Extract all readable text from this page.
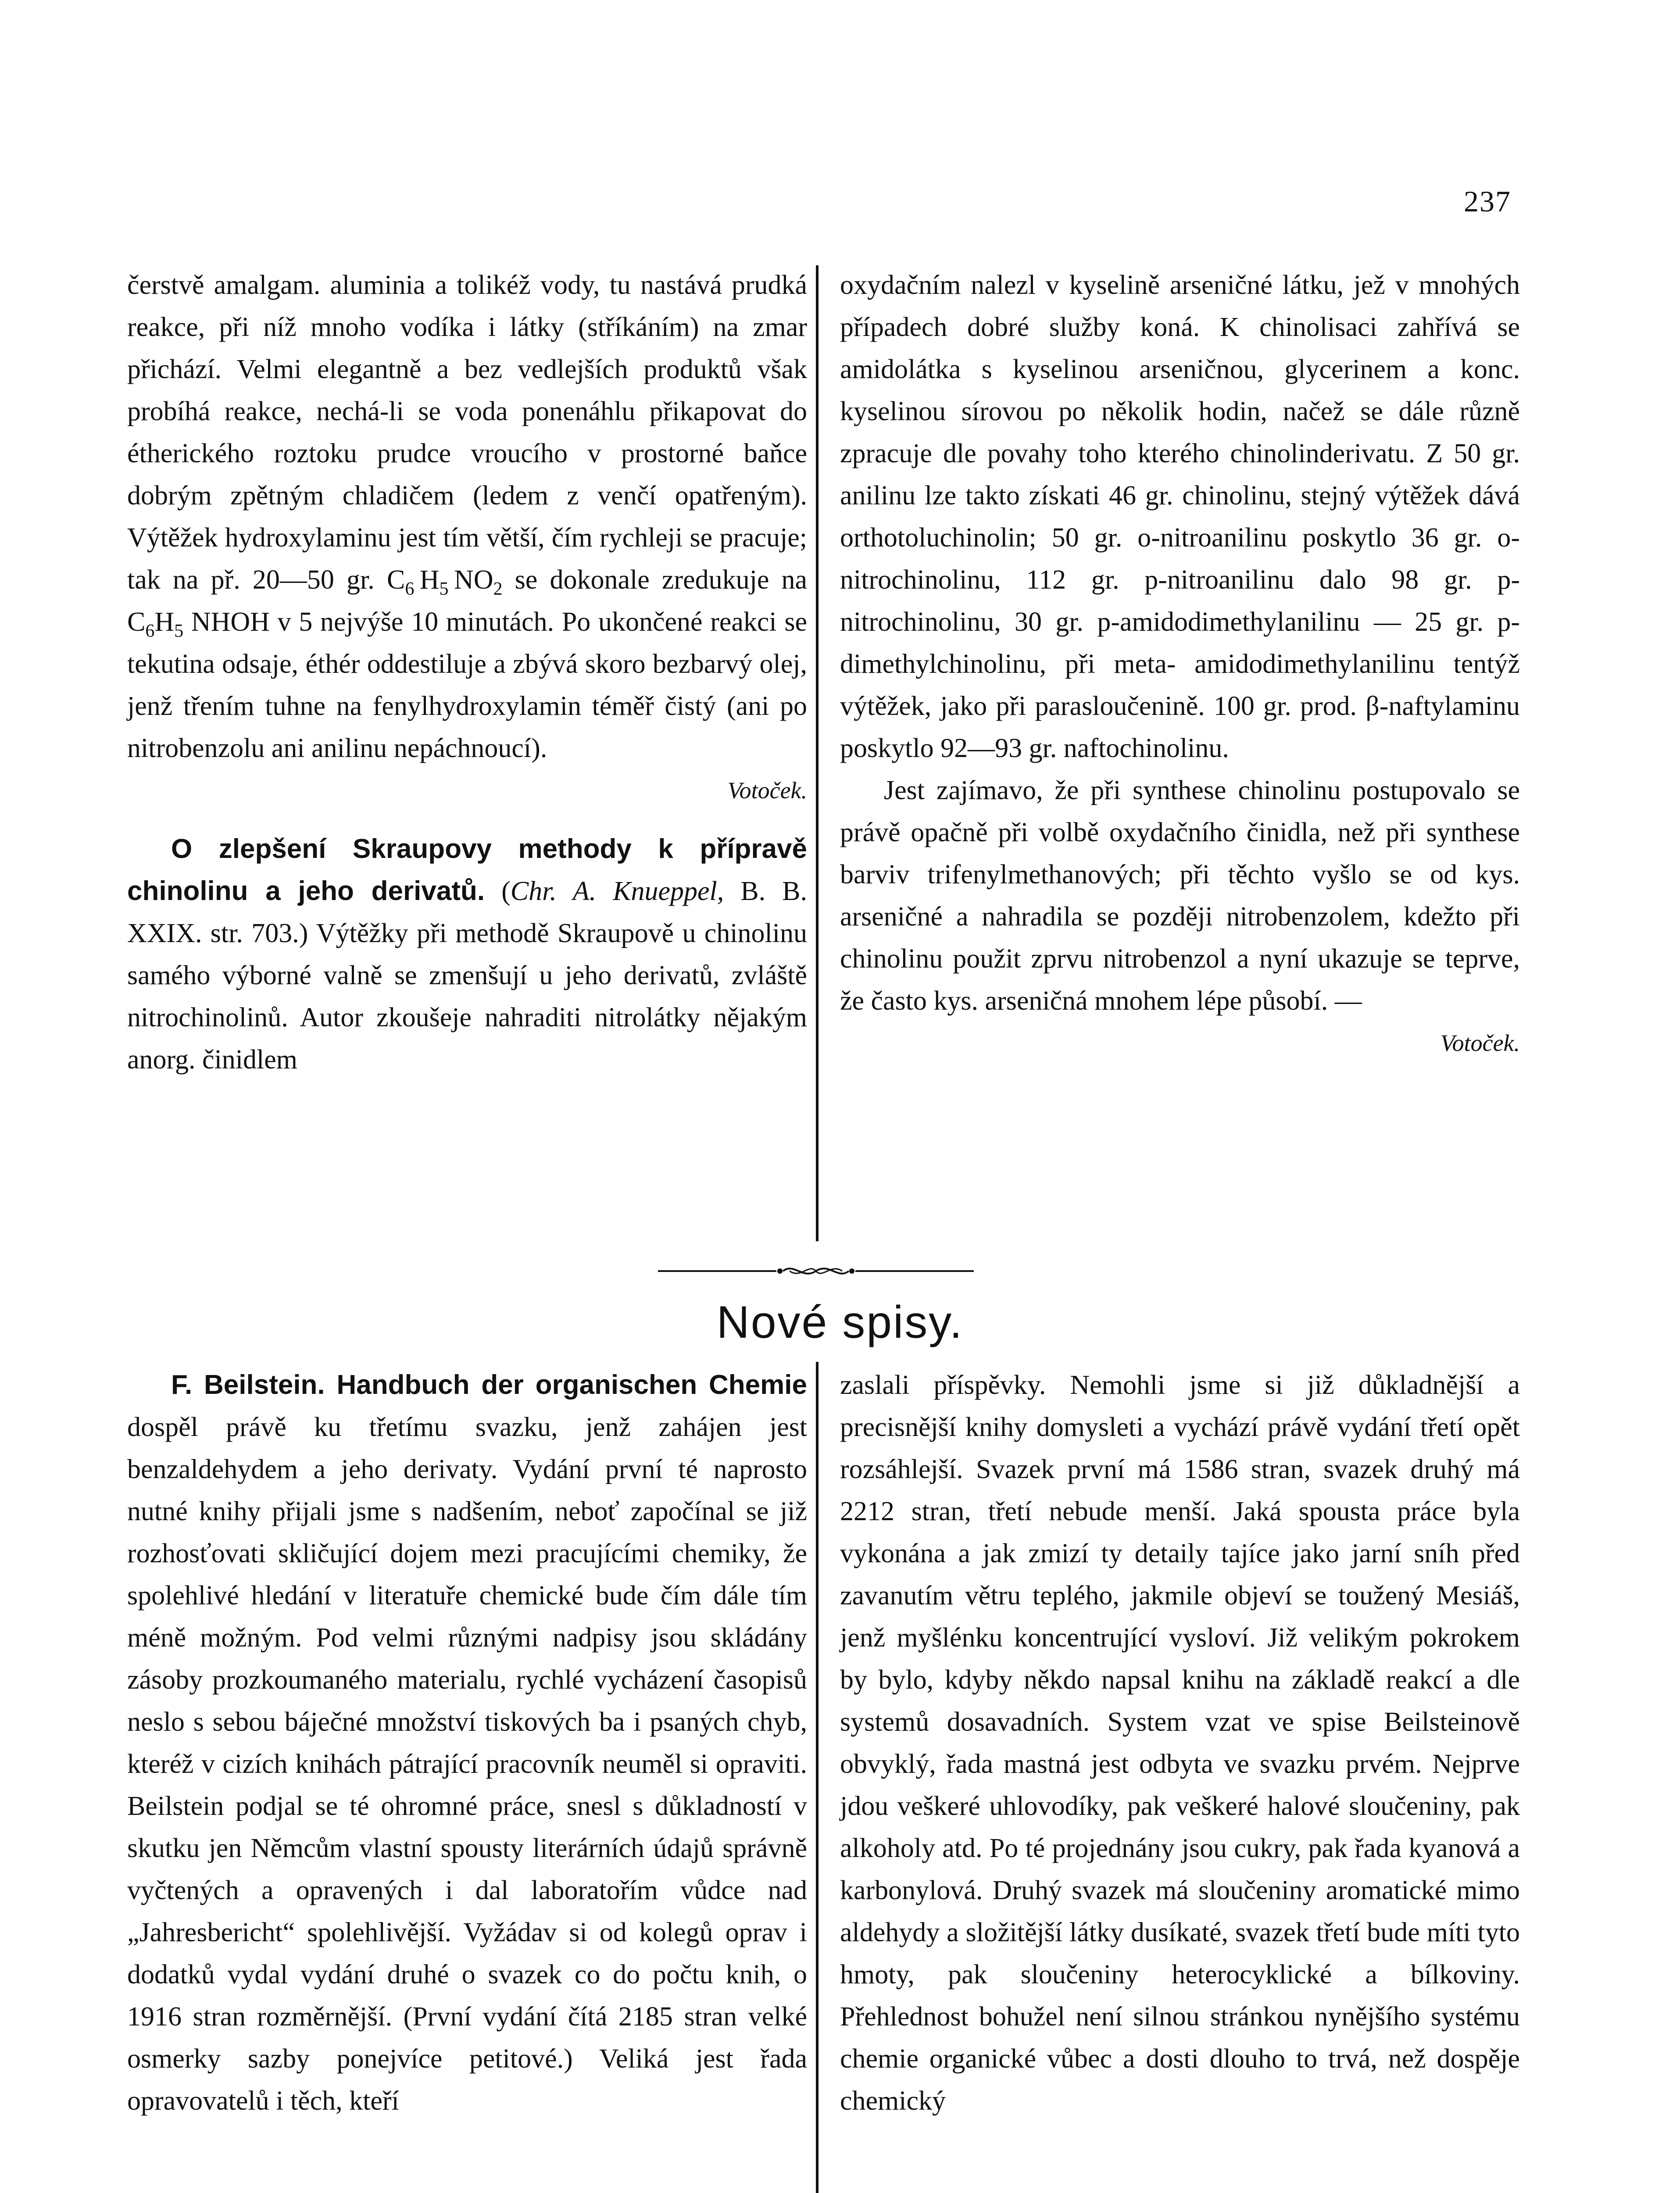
237

čerstvě amalgam. aluminia a tolikéž vody, tu nastává prudká reakce, při níž mnoho vodíka i látky (stříkáním) na zmar přichází. Velmi elegantně a bez vedlejších produktů však probíhá reakce, nechá-li se voda ponenáhlu přikapovat do étherického roztoku prudce vroucího v prostorné baňce dobrým zpětným chladičem (ledem z venčí opatřeným). Výtěžek hydroxylaminu jest tím větší, čím rychleji se pracuje; tak na př. 20—50 gr. $C_6$  $H_5$  $NO_2$ se dokonale zredukuje na $C_6H_5$ NHOH v 5 nejvýše 10 minutách. Po ukončené reakci se tekutina odsaje, éthér oddestiluje a zbývá skoro bezbarvý olej, jenž třením tuhne na fenylhydroxylamin téměř čistý (ani po nitrobenzolu ani anilinu nepáchnoucí).

Votoček.

O zlepšení Skraupovy methody k přípravě chinolinu a jeho derivatů. (Chr. A. Knueppel, B. B. XXIX. str. 703.) Výtěžky při methodě Skraupově u chinolinu samého výborné valně se zmenšují u jeho derivatů, zvláště nitrochinolinů. Autor zkoušeje nahraditi nitrolátky nějakým anorg. činidlem

oxydačním nalezl v kyselině arseničné látku, jež v mnohých případech dobré služby koná. K chinolisaci zahřívá se amidolátka s kyselinou arseničnou, glycerinem a konc. kyselinou sírovou po několik hodin, načež se dále různě zpracuje dle povahy toho kterého chinolinderivatu. Z 50 gr. anilinu lze takto získati 46 gr. chinolinu, stejný výtěžek dává orthotoluchinolin; 50 gr. o-nitroanilinu poskytlo 36 gr. o-nitrochinolinu, 112 gr. p-nitroanilinu dalo 98 gr. p-nitrochinolinu, 30 gr. p-amidodimethylanilinu — 25 gr. p-dimethylchinolinu, při meta- amidodimethylanilinu tentýž výtěžek, jako při parasloučenině. 100 gr. prod. β-naftylaminu poskytlo 92—93 gr. naftochinolinu.

Jest zajímavo, že při synthese chinolinu postupovalo se právě opačně při volbě oxydačního činidla, než při synthese barviv trifenylmethanových; při těchto vyšlo se od kys. arseničné a nahradila se později nitrobenzolem, kdežto při chinolinu použit zprvu nitrobenzol a nyní ukazuje se teprve, že často kys. arseničná mnohem lépe působí. —

Votoček.

Nové spisy.

F. Beilstein. Handbuch der organischen Chemie dospěl právě ku třetímu svazku, jenž zahájen jest benzaldehydem a jeho derivaty. Vydání první té naprosto nutné knihy přijali jsme s nadšením, neboť započínal se již rozhosťovati skličující dojem mezi pracujícími chemiky, že spolehlivé hledání v literatuře chemické bude čím dále tím méně možným. Pod velmi různými nadpisy jsou skládány zásoby prozkoumaného materialu, rychlé vycházení časopisů neslo s sebou báječné množství tiskových ba i psaných chyb, kteréž v cizích knihách pátrající pracovník neuměl si opraviti. Beilstein podjal se té ohromné práce, snesl s důkladností v skutku jen Němcům vlastní spousty literárních údajů správně vyčtených a opravených i dal laboratořím vůdce nad „Jahresbericht“ spolehlivější. Vyžádav si od kolegů oprav i dodatků vydal vydání druhé o svazek co do počtu knih, o 1916 stran rozměrnější. (První vydání čítá 2185 stran velké osmerky sazby ponejvíce petitové.) Veliká jest řada opravovatelů i těch, kteří

zaslali příspěvky. Nemohli jsme si již důkladnější a precisnější knihy domysleti a vychází právě vydání třetí opět rozsáhlejší. Svazek první má 1586 stran, svazek druhý má 2212 stran, třetí nebude menší. Jaká spousta práce byla vykonána a jak zmizí ty detaily tajíce jako jarní sníh před zavanutím větru teplého, jakmile objeví se toužený Mesiáš, jenž myšlénku koncentrující vysloví. Již velikým pokrokem by bylo, kdyby někdo napsal knihu na základě reakcí a dle systemů dosavadních. System vzat ve spise Beilsteinově obvyklý, řada mastná jest odbyta ve svazku prvém. Nejprve jdou veškeré uhlovodíky, pak veškeré halové sloučeniny, pak alkoholy atd. Po té projednány jsou cukry, pak řada kyanová a karbonylová. Druhý svazek má sloučeniny aromatické mimo aldehydy a složitější látky dusíkaté, svazek třetí bude míti tyto hmoty, pak sloučeniny heterocyklické a bílkoviny. Přehlednost bohužel není silnou stránkou nynějšího systému chemie organické vůbec a dosti dlouho to trvá, než dospěje chemický
